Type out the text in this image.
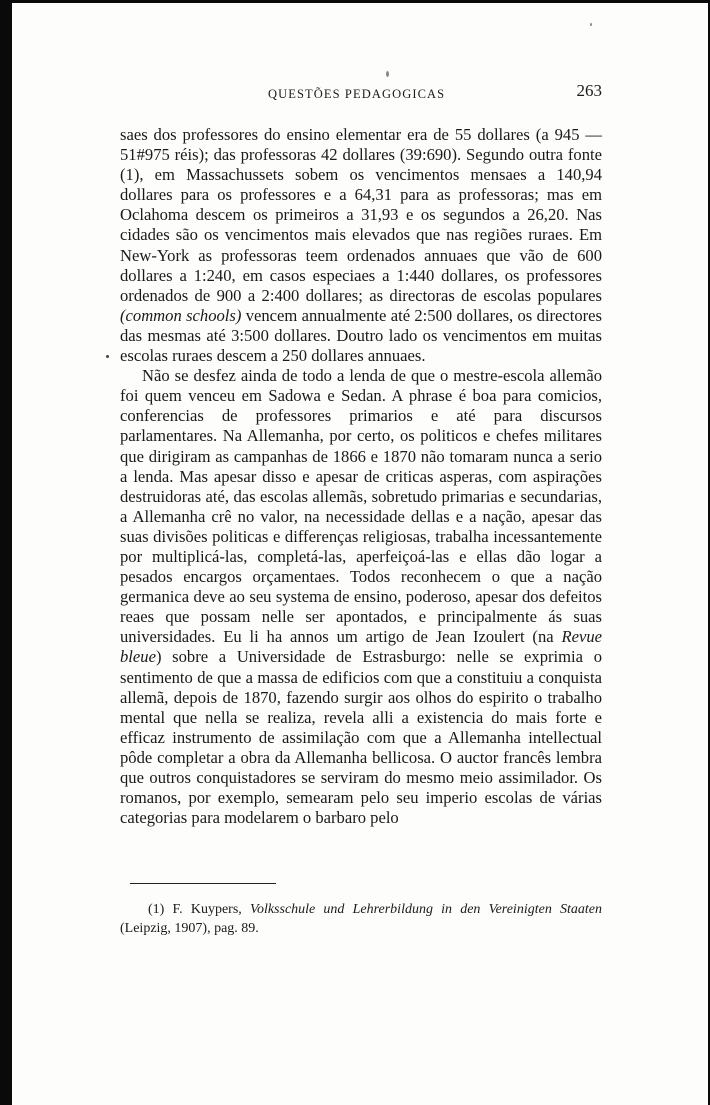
QUESTÕES PEDAGOGICAS	263

saes dos professores do ensino elementar era de 55 dollares (a 945 — 51#975 réis); das professoras 42 dollares (39:690). Segundo outra fonte (1), em Massachussets sobem os vencimentos mensaes a 140,94 dollares para os professores e a 64,31 para as professoras; mas em Oclahoma descem os primeiros a 31,93 e os segundos a 26,20. Nas cidades são os vencimentos mais elevados que nas regiões ruraes. Em New-York as professoras teem ordenados annuaes que vão de 600 dollares a 1:240, em casos especiaes a 1:440 dollares, os professores ordenados de 900 a 2:400 dollares; as directoras de escolas populares (common schools) vencem annualmente até 2:500 dollares, os directores das mesmas até 3:500 dollares. Doutro lado os vencimentos em muitas escolas ruraes descem a 250 dollares annuaes.

Não se desfez ainda de todo a lenda de que o mestre-escola allemão foi quem venceu em Sadowa e Sedan. A phrase é boa para comicios, conferencias de professores primarios e até para discursos parlamentares. Na Allemanha, por certo, os politicos e chefes militares que dirigiram as campanhas de 1866 e 1870 não tomaram nunca a serio a lenda. Mas apesar disso e apesar de criticas asperas, com aspirações destruidoras até, das escolas allemãs, sobretudo primarias e secundarias, a Allemanha crê no valor, na necessidade dellas e a nação, apesar das suas divisões politicas e differenças religiosas, trabalha incessantemente por multiplicá-las, completá-las, aperfeiçoá-las e ellas dão logar a pesados encargos orçamentaes. Todos reconhecem o que a nação germanica deve ao seu systema de ensino, poderoso, apesar dos defeitos reaes que possam nelle ser apontados, e principalmente ás suas universidades. Eu li ha annos um artigo de Jean Izoulert (na Revue bleue) sobre a Universidade de Estrasburgo: nelle se exprimia o sentimento de que a massa de edificios com que a constituiu a conquista allemã, depois de 1870, fazendo surgir aos olhos do espirito o trabalho mental que nella se realiza, revela alli a existencia do mais forte e efficaz instrumento de assimilação com que a Allemanha intellectual pôde completar a obra da Allemanha bellicosa. O auctor francês lembra que outros conquistadores se serviram do mesmo meio assimilador. Os romanos, por exemplo, semearam pelo seu imperio escolas de várias categorias para modelarem o barbaro pelo

(1) F. Kuypers, Volksschule und Lehrerbildung in den Vereinigten Staaten (Leipzig, 1907), pag. 89.
